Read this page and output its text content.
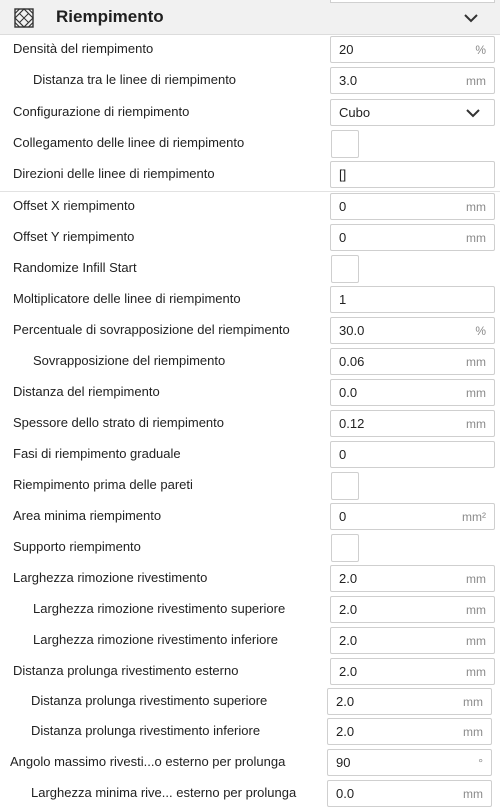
Riempimento
Densità del riempimento	20	%
Distanza tra le linee di riempimento	3.0	mm
Configurazione di riempimento	Cubo
Collegamento delle linee di riempimento
Direzioni delle linee di riempimento	[]
Offset X riempimento	0	mm
Offset Y riempimento	0	mm
Randomize Infill Start
Moltiplicatore delle linee di riempimento	1
Percentuale di sovrapposizione del riempimento	30.0	%
Sovrapposizione del riempimento	0.06	mm
Distanza del riempimento	0.0	mm
Spessore dello strato di riempimento	0.12	mm
Fasi di riempimento graduale	0
Riempimento prima delle pareti
Area minima riempimento	0	mm²
Supporto riempimento
Larghezza rimozione rivestimento	2.0	mm
Larghezza rimozione rivestimento superiore	2.0	mm
Larghezza rimozione rivestimento inferiore	2.0	mm
Distanza prolunga rivestimento esterno	2.0	mm
Distanza prolunga rivestimento superiore	2.0	mm
Distanza prolunga rivestimento inferiore	2.0	mm
Angolo massimo rivesti...o esterno per prolunga	90	°
Larghezza minima rive... esterno per prolunga	0.0	mm
